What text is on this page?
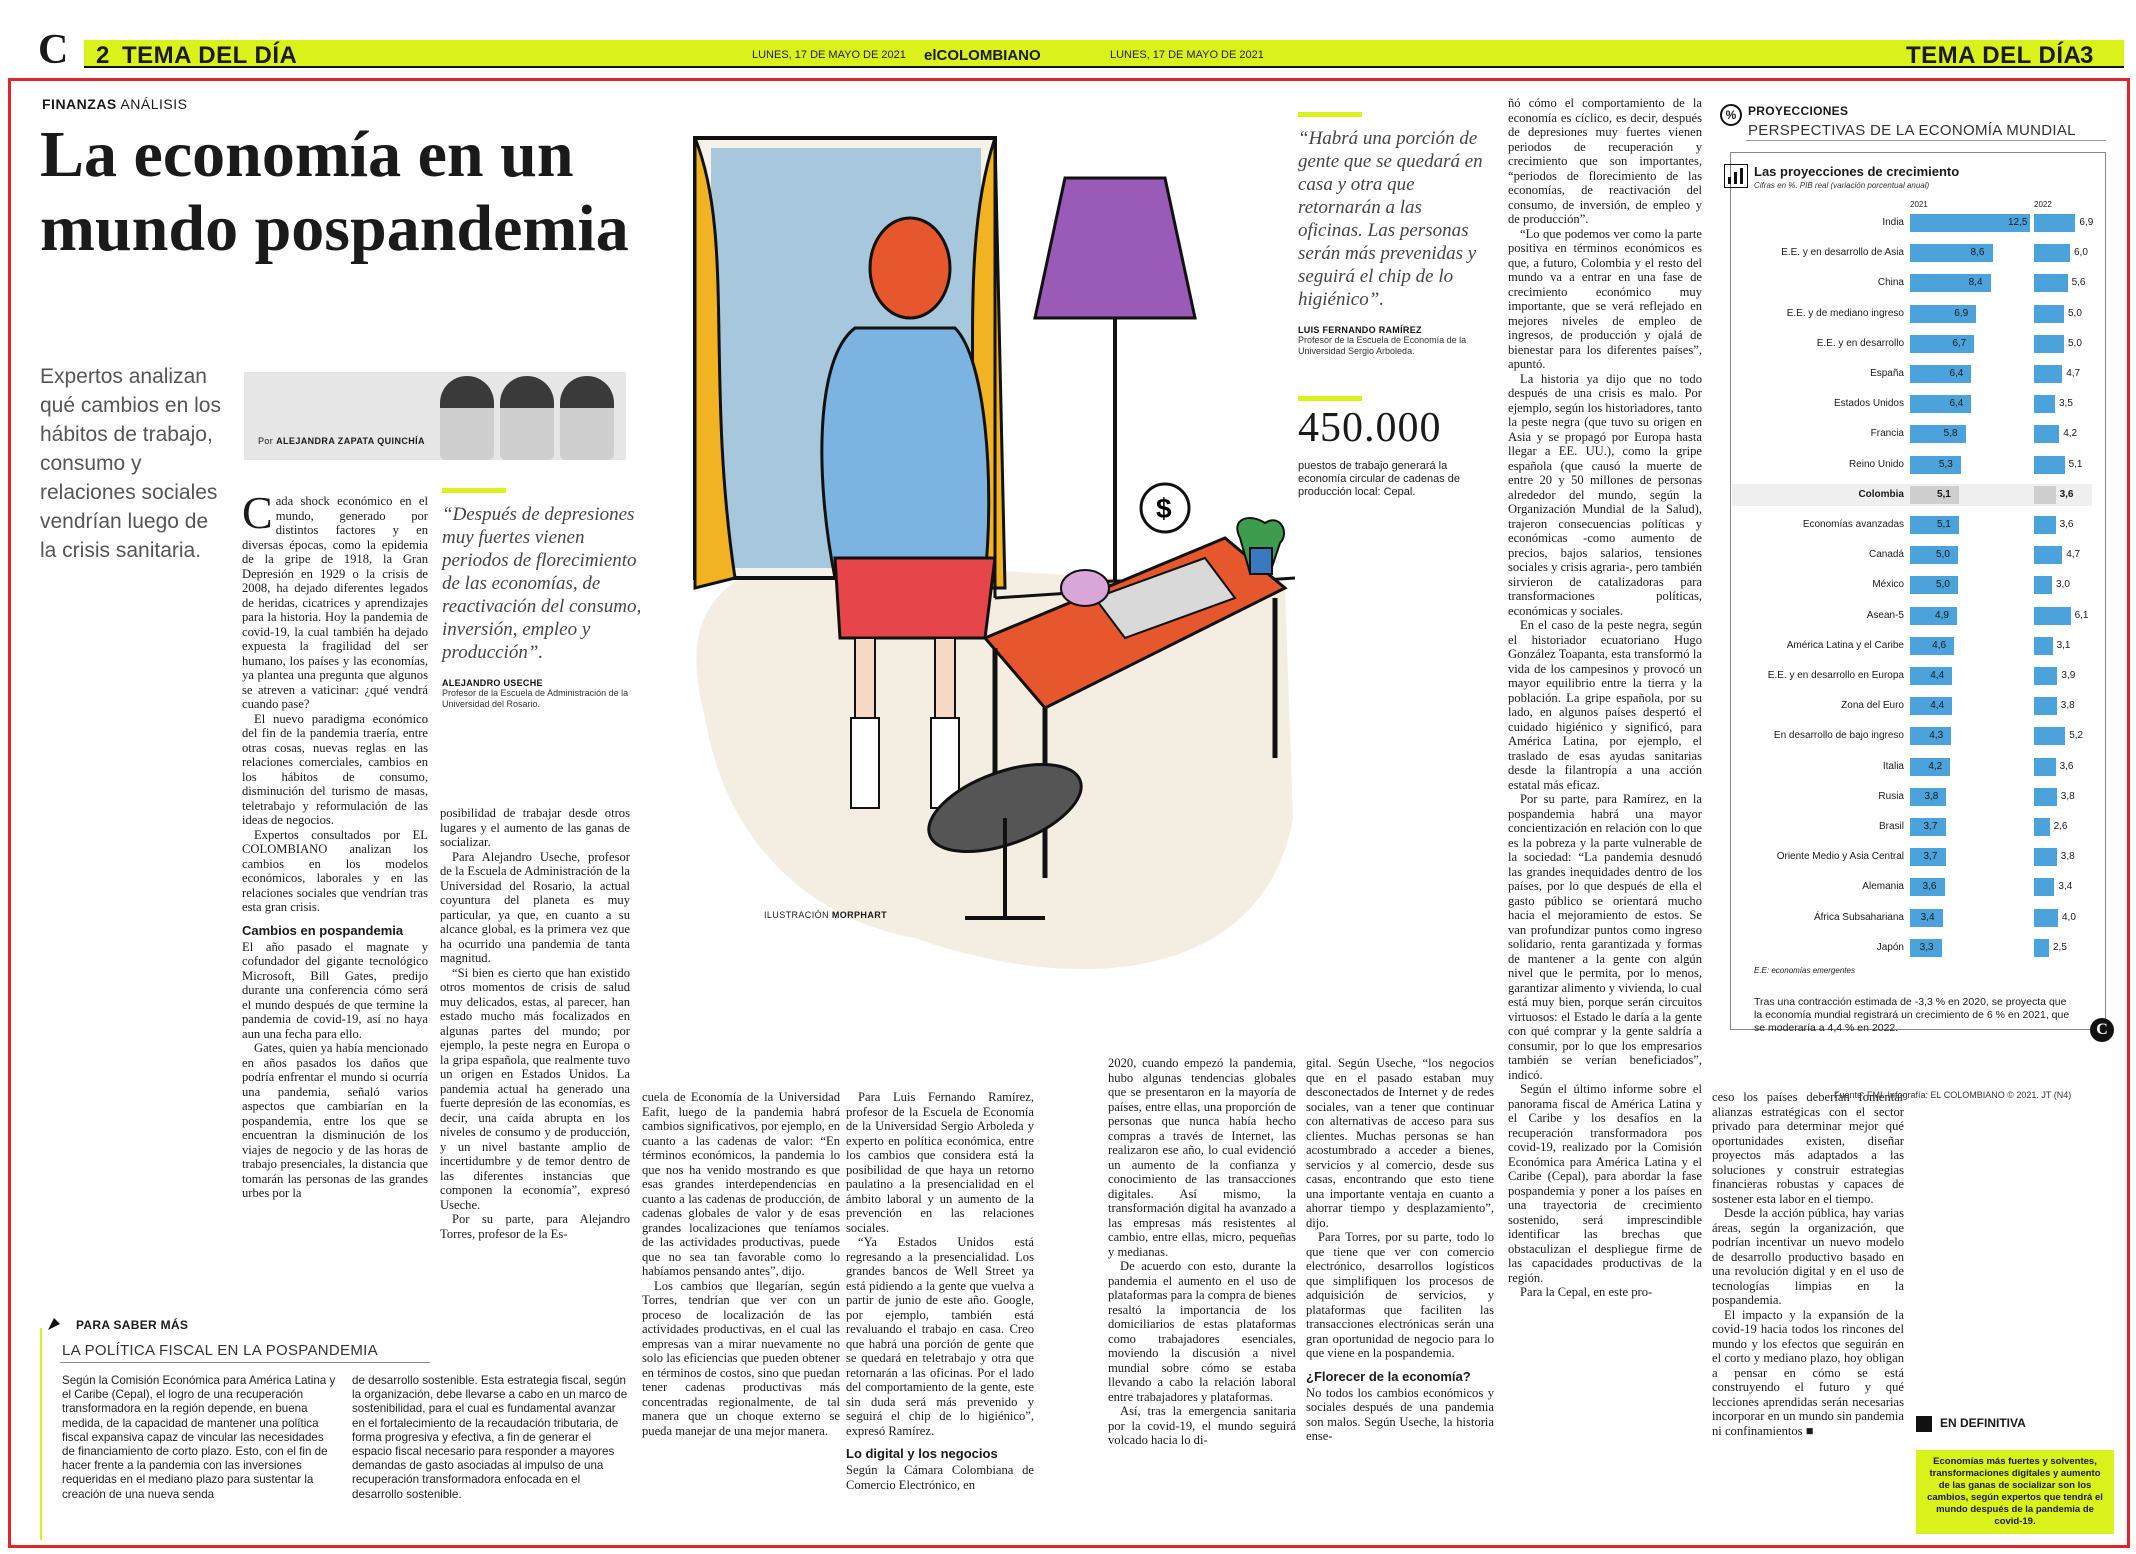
C	2 TEMA DEL DÍA	LUNES, 17 DE MAYO DE 2021 elCOLOMBIANO	LUNES, 17 DE MAYO DE 2021	TEMA DEL DÍA
3
FINANZAS ANÁLISIS
La economía en un mundo pospandemia
Expertos analizan qué cambios en los hábitos de trabajo, consumo y relaciones sociales vendrían luego de la crisis sanitaria.
Por ALEJANDRA ZAPATA QUINCHÍA
“Después de depresiones muy fuertes vienen periodos de florecimiento de las economías, de reactivación del consumo, inversión, empleo y producción”.
ALEJANDRO USECHE
Profesor de la Escuela de Administración de la Universidad del Rosario.

Cada shock económico en el mundo, generado por distintos factores y en diversas épocas, como la epidemia de la gripe de 1918, la Gran Depresión en 1929 o la crisis de 2008, ha dejado diferentes legados de heridas, cicatrices y aprendizajes para la historia. Hoy la pandemia de covid-19, la cual también ha dejado expuesta la fragilidad del ser humano, los países y las economías, ya plantea una pregunta que algunos se atreven a vaticinar: ¿qué vendrá cuando pase?

El nuevo paradigma económico del fin de la pandemia traería, entre otras cosas, nuevas reglas en las relaciones comerciales, cambios en los hábitos de consumo, disminución del turismo de masas, teletrabajo y reformulación de las ideas de negocios.

Expertos consultados por EL COLOMBIANO analizan los cambios en los modelos económicos, laborales y en las relaciones sociales que vendrían tras esta gran crisis.

Cambios en pospandemia

El año pasado el magnate y cofundador del gigante tecnológico Microsoft, Bill Gates, predijo durante una conferencia cómo será el mundo después de que termine la pandemia de covid-19, así no haya aun una fecha para ello.

Gates, quien ya había mencionado en años pasados los daños que podría enfrentar el mundo si ocurría una pandemia, señaló varios aspectos que cambiarían en la pospandemia, entre los que se encuentran la disminución de los viajes de negocio y de las horas de trabajo presenciales, la distancia que tomarán las personas de las grandes urbes por la

posibilidad de trabajar desde otros lugares y el aumento de las ganas de socializar.

Para Alejandro Useche, profesor de la Escuela de Administración de la Universidad del Rosario, la actual coyuntura del planeta es muy particular, ya que, en cuanto a su alcance global, es la primera vez que ha ocurrido una pandemia de tanta magnitud.

“Si bien es cierto que han existido otros momentos de crisis de salud muy delicados, estas, al parecer, han estado mucho más focalizados en algunas partes del mundo; por ejemplo, la peste negra en Europa o la gripa española, que realmente tuvo un origen en Estados Unidos. La pandemia actual ha generado una fuerte depresión de las economías, es decir, una caída abrupta en los niveles de consumo y de producción, y un nivel bastante amplio de incertidumbre y de temor dentro de las diferentes instancias que componen la economía”, expresó Useche.

Por su parte, para Alejandro Torres, profesor de la Es-

$
ILUSTRACIÓN MORPHART
“Habrá una porción de gente que se quedará en casa y otra que retornarán a las oficinas. Las personas serán más prevenidas y seguirá el chip de lo higiénico”.
LUIS FERNANDO RAMÍREZ
Profesor de la Escuela de Economía de la Universidad Sergio Arboleda.
450.000
puestos de trabajo generará la economía circular de cadenas de producción local: Cepal.

cuela de Economía de la Universidad Eafit, luego de la pandemia habrá cambios significativos, por ejemplo, en cuanto a las cadenas de valor: “En términos económicos, la pandemia lo que nos ha venido mostrando es que esas grandes interdependencias en cuanto a las cadenas de producción, de cadenas globales de valor y de esas grandes localizaciones que teníamos de las actividades productivas, puede que no sea tan favorable como lo habíamos pensando antes”, dijo.

Los cambios que llegarían, según Torres, tendrían que ver con un proceso de localización de las actividades productivas, en el cual las empresas van a mirar nuevamente no solo las eficiencias que pueden obtener en términos de costos, sino que puedan tener cadenas productivas más concentradas regionalmente, de tal manera que un choque externo se pueda manejar de una mejor manera.

Para Luis Fernando Ramírez, profesor de la Escuela de Economía de la Universidad Sergio Arboleda y experto en política económica, entre los cambios que considera está la posibilidad de que haya un retorno paulatino a la presencialidad en el ámbito laboral y un aumento de la prevención en las relaciones sociales.

“Ya Estados Unidos está regresando a la presencialidad. Los grandes bancos de Well Street ya está pidiendo a la gente que vuelva a partir de junio de este año. Google, por ejemplo, también está revaluando el trabajo en casa. Creo que habrá una porción de gente que se quedará en teletrabajo y otra que retornarán a las oficinas. Por el lado del comportamiento de la gente, este sin duda será más prevenido y seguirá el chip de lo higiénico”, expresó Ramírez.

Lo digital y los negocios

Según la Cámara Colombiana de Comercio Electrónico, en

2020, cuando empezó la pandemia, hubo algunas tendencias globales que se presentaron en la mayoría de países, entre ellas, una proporción de personas que nunca había hecho compras a través de Internet, las realizaron ese año, lo cual evidenció un aumento de la confianza y conocimiento de las transacciones digitales. Así mismo, la transformación digital ha avanzado a las empresas más resistentes al cambio, entre ellas, micro, pequeñas y medianas.

De acuerdo con esto, durante la pandemia el aumento en el uso de plataformas para la compra de bienes resaltó la importancia de los domiciliarios de estas plataformas como trabajadores esenciales, moviendo la discusión a nivel mundial sobre cómo se estaba llevando a cabo la relación laboral entre trabajadores y plataformas.

Así, tras la emergencia sanitaria por la covid-19, el mundo seguirá volcado hacia lo di-

gital. Según Useche, “los negocios que en el pasado estaban muy desconectados de Internet y de redes sociales, van a tener que continuar con alternativas de acceso para sus clientes. Muchas personas se han acostumbrado a acceder a bienes, servicios y al comercio, desde sus casas, encontrando que esto tiene una importante ventaja en cuanto a ahorrar tiempo y desplazamiento”, dijo.

Para Torres, por su parte, todo lo que tiene que ver con comercio electrónico, desarrollos logísticos que simplifiquen los procesos de adquisición de servicios, y plataformas que faciliten las transacciones electrónicas serán una gran oportunidad de negocio para lo que viene en la pospandemia.

¿Florecer de la economía?

No todos los cambios económicos y sociales después de una pandemia son malos. Según Useche, la historia ense-

ñó cómo el comportamiento de la economía es cíclico, es decir, después de depresiones muy fuertes vienen periodos de recuperación y crecimiento que son importantes, “periodos de florecimiento de las economías, de reactivación del consumo, de inversión, de empleo y de producción”.

“Lo que podemos ver como la parte positiva en términos económicos es que, a futuro, Colombia y el resto del mundo va a entrar en una fase de crecimiento económico muy importante, que se verá reflejado en mejores niveles de empleo de ingresos, de producción y ojalá de bienestar para los diferentes países”, apuntó.

La historia ya dijo que no todo después de una crisis es malo. Por ejemplo, según los historiadores, tanto la peste negra (que tuvo su origen en Asia y se propagó por Europa hasta llegar a EE. UU.), como la gripe española (que causó la muerte de entre 20 y 50 millones de personas alrededor del mundo, según la Organización Mundial de la Salud), trajeron consecuencias políticas y económicas -como aumento de precios, bajos salarios, tensiones sociales y crisis agraria-, pero también sirvieron de catalizadoras para transformaciones políticas, económicas y sociales.

En el caso de la peste negra, según el historiador ecuatoriano Hugo González Toapanta, esta transformó la vida de los campesinos y provocó un mayor equilibrio entre la tierra y la población. La gripe española, por su lado, en algunos países despertó el cuidado higiénico y significó, para América Latina, por ejemplo, el traslado de esas ayudas sanitarias desde la filantropía a una acción estatal más eficaz.

Por su parte, para Ramírez, en la pospandemia habrá una mayor concientización en relación con lo que es la pobreza y la parte vulnerable de la sociedad: “La pandemia desnudó las grandes inequidades dentro de los países, por lo que después de ella el gasto público se orientará mucho hacia el mejoramiento de estos. Se van profundizar puntos como ingreso solidario, renta garantizada y formas de mantener a la gente con algún nivel que le permita, por lo menos, garantizar alimento y vivienda, lo cual está muy bien, porque serán circuitos virtuosos: el Estado le daría a la gente con qué comprar y la gente saldría a consumir, por lo que los empresarios también se verían beneficiados”, indicó.

Según el último informe sobre el panorama fiscal de América Latina y el Caribe y los desafíos en la recuperación transformadora pos covid-19, realizado por la Comisión Económica para América Latina y el Caribe (Cepal), para abordar la fase pospandemia y poner a los países en una trayectoria de crecimiento sostenido, será imprescindible identificar las brechas que obstaculizan el despliegue firme de las capacidades productivas de la región.

Para la Cepal, en este pro-

ceso los países deberían fomentar alianzas estratégicas con el sector privado para determinar mejor qué oportunidades existen, diseñar proyectos más adaptados a las soluciones y construir estrategias financieras robustas y capaces de sostener esta labor en el tiempo.

Desde la acción pública, hay varias áreas, según la organización, que podrían incentivar un nuevo modelo de desarrollo productivo basado en una revolución digital y en el uso de tecnologías limpias en la pospandemia.

El impacto y la expansión de la covid-19 hacia todos los rincones del mundo y los efectos que seguirán en el corto y mediano plazo, hoy obligan a pensar en cómo se está construyendo el futuro y qué lecciones aprendidas serán necesarias incorporar en un mundo sin pandemia ni confinamientos ■

% PROYECCIONES
PERSPECTIVAS DE LA ECONOMÍA MUNDIAL
Las proyecciones de crecimiento
Cifras en %. PIB real (variación porcentual anual)
2021	2022
India	12,5	6,9
E.E. y en desarrollo de Asia	8,6	6,0
China	8,4	5,6
E.E. y de mediano ingreso	6,9	5,0
E.E. y en desarrollo	6,7	5,0
España	6,4	4,7
Estados Unidos	6,4	3,5
Francia	5,8	4,2
Reino Unido	5,3	5,1
Colombia	5,1	3,6
Economías avanzadas	5,1	3,6
Canadá	5,0	4,7
México	5,0	3,0
Asean-5	4,9	6,1
América Latina y el Caribe	4,6	3,1
E.E. y en desarrollo en Europa	4,4	3,9
Zona del Euro	4,4	3,8
En desarrollo de bajo ingreso	4,3	5,2
Italia 4,2	3,6
Rusia 3,8	3,8
Brasil 3,7	2,6
Oriente Medio y Asia Central 3,7	3,8
Alemania 3,6	3,4
África Subsahariana 3,4	4,0
Japón 3,3	2,5
E.E: economías emergentes
Tras una contracción estimada de -3,3 % en 2020, se proyecta que la economía mundial registrará un crecimiento de 6 % en 2021, que se moderaría a 4,4 % en 2022.	C
Fuente: FMI. Infografía: EL COLOMBIANO © 2021. JT (N4)
PARA SABER MÁS
LA POLÍTICA FISCAL EN LA POSPANDEMIA
Según la Comisión Económica para América Latina y el Caribe (Cepal), el logro de una recuperación transformadora en la región depende, en buena medida, de la capacidad de mantener una política fiscal expansiva capaz de vincular las necesidades de financiamiento de corto plazo. Esto, con el fin de hacer frente a la pandemia con las inversiones requeridas en el mediano plazo para sustentar la creación de una nueva senda
de desarrollo sostenible. Esta estrategia fiscal, según la organización, debe llevarse a cabo en un marco de sostenibilidad, para el cual es fundamental avanzar en el fortalecimiento de la recaudación tributaria, de forma progresiva y efectiva, a fin de generar el espacio fiscal necesario para responder a mayores demandas de gasto asociadas al impulso de una recuperación transformadora enfocada en el desarrollo sostenible.
EN DEFINITIVA
Economías más fuertes y solventes, transformaciones digitales y aumento de las ganas de socializar son los cambios, según expertos que tendrá el mundo después de la pandemia de covid-19.
